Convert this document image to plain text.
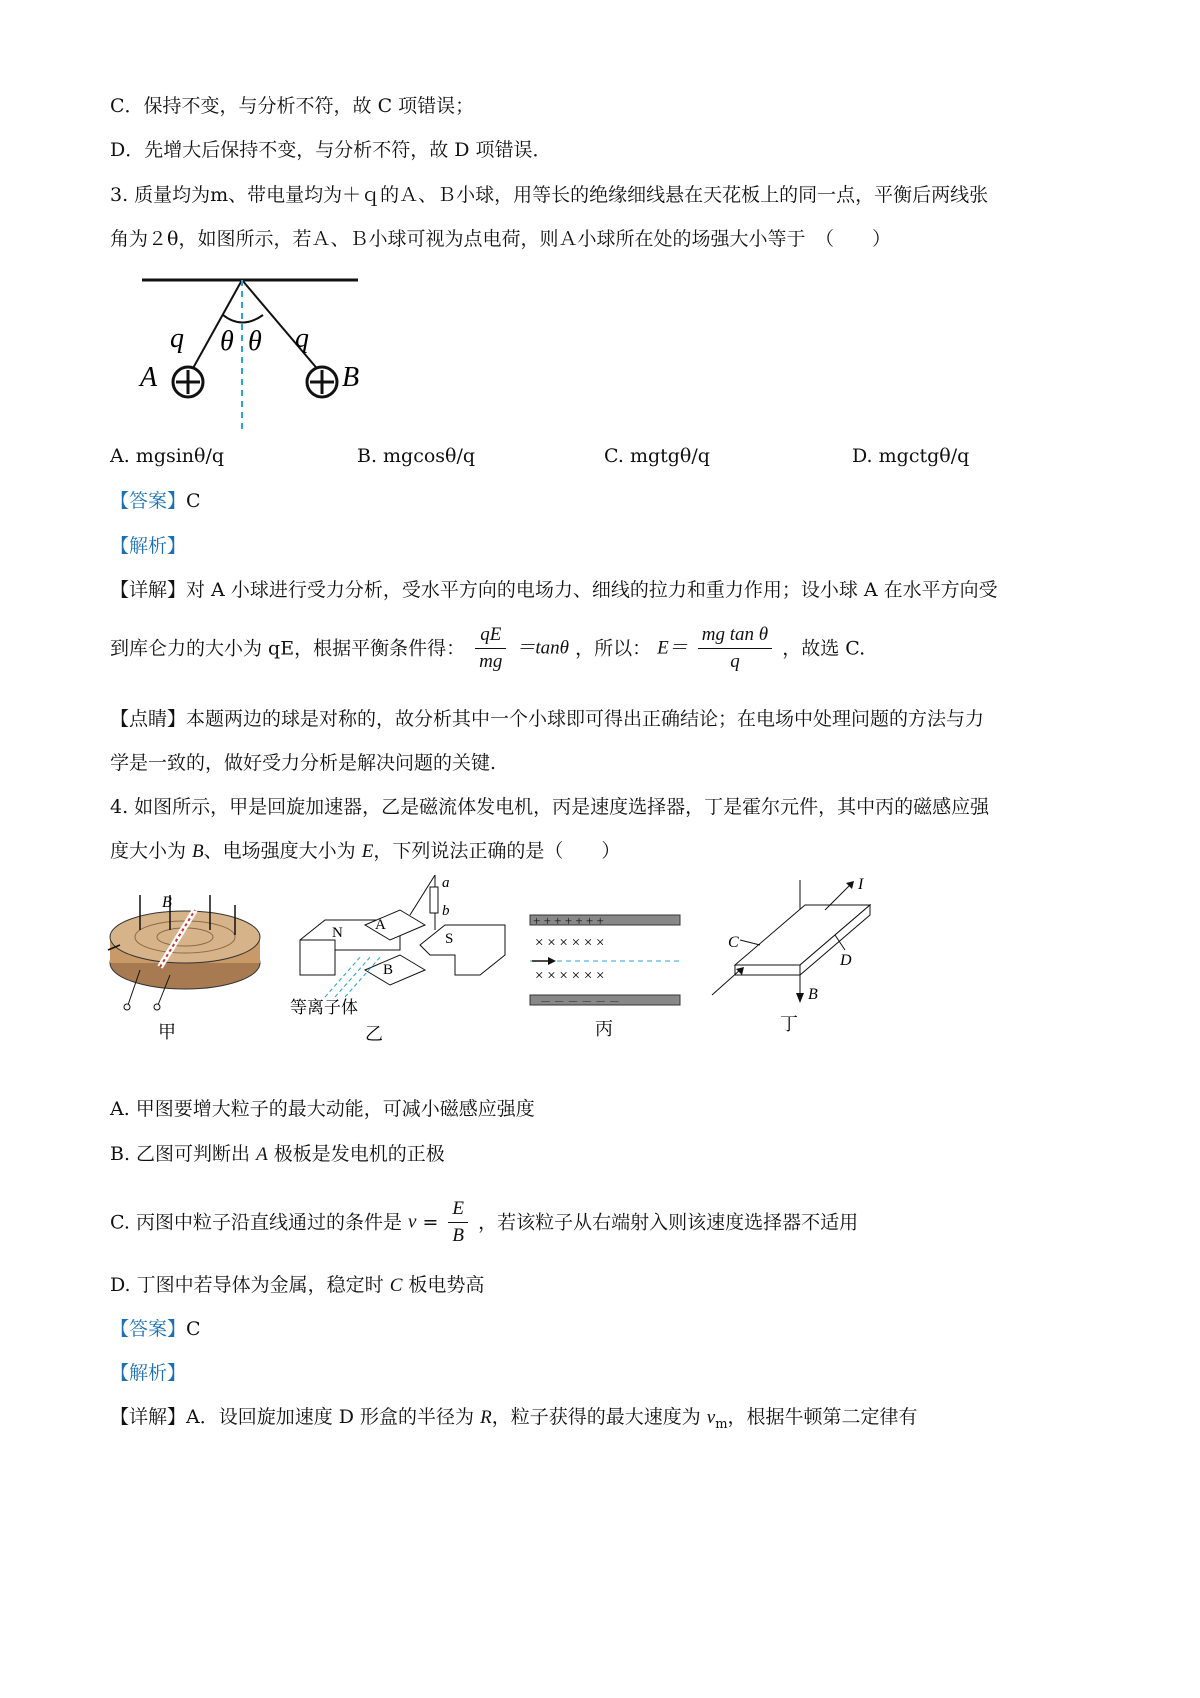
C．保持不变，与分析不符，故 C 项错误；
D．先增大后保持不变，与分析不符，故 D 项错误．
3. 质量均为m、带电量均为＋ｑ的Ａ、Ｂ小球，用等长的绝缘细线悬在天花板上的同一点，平衡后两线张
角为２θ，如图所示，若Ａ、Ｂ小球可视为点电荷，则Ａ小球所在处的场强大小等于　（　　）
q θ θ q
A	B
A. mgsinθ/q	B. mgcosθ/q	C. mgtgθ/q	D. mgctgθ/q
【答案】C
【解析】
【详解】对 A 小球进行受力分析，受水平方向的电场力、细线的拉力和重力作用；设小球 A 在水平方向受
到库仑力的大小为 qE，根据平衡条件得： $\frac{qE}{mg} =\tan\theta$ ，所以： $E= \frac{\text{mg tan θ}}{q}$ ，故选 C.
【点睛】本题两边的球是对称的，故分析其中一个小球即可得出正确结论；在电场中处理问题的方法与力
学是一致的，做好受力分析是解决问题的关键.
4. 如图所示，甲是回旋加速器，乙是磁流体发电机，丙是速度选择器，丁是霍尔元件，其中丙的磁感应强
度大小为 B、电场强度大小为 E，下列说法正确的是（　　）
B
甲
a
b
N A
S
B
等离子体
乙
+ + + + + + +
× × × × × ×
× × × × × ×
－ － － － － －
丙
I
C
D
B
丁
A. 甲图要增大粒子的最大动能，可减小磁感应强度
B. 乙图可判断出 A 极板是发电机的正极
C. 丙图中粒子沿直线通过的条件是 $v = \frac{E}{B}$ ，若该粒子从右端射入则该速度选择器不适用
D. 丁图中若导体为金属，稳定时 C 板电势高
【答案】C
【解析】
【详解】A．设回旋加速度 D 形盒的半径为 R，粒子获得的最大速度为 $v_m$，根据牛顿第二定律有
